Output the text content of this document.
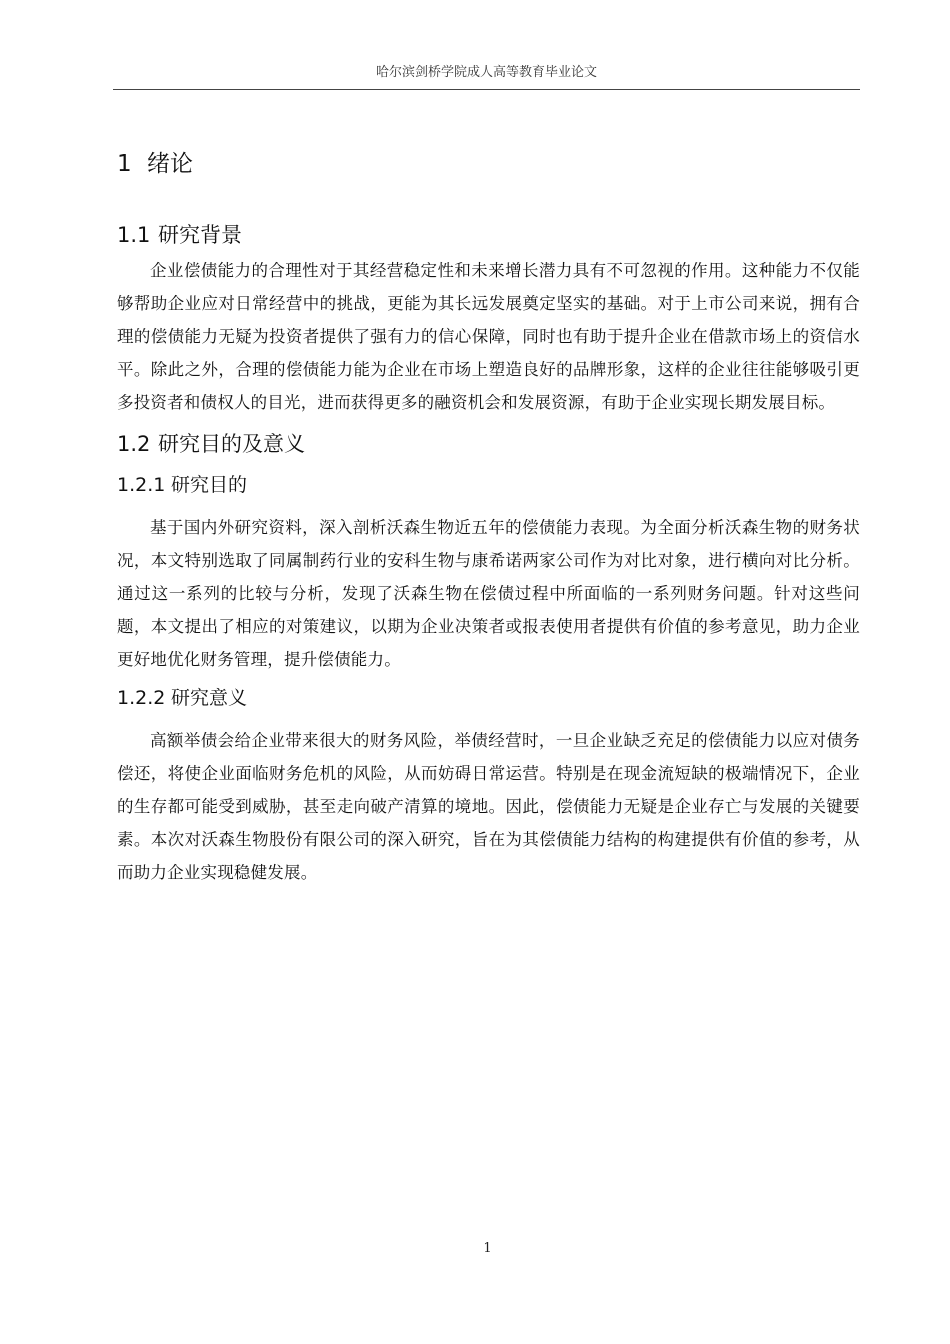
哈尔滨剑桥学院成人高等教育毕业论文
1 绪论
1.1 研究背景

企业偿债能力的合理性对于其经营稳定性和未来增长潜力具有不可忽视的作用。这种能力不仅能够帮助企业应对日常经营中的挑战，更能为其长远发展奠定坚实的基础。对于上市公司来说，拥有合理的偿债能力无疑为投资者提供了强有力的信心保障，同时也有助于提升企业在借款市场上的资信水平。除此之外，合理的偿债能力能为企业在市场上塑造良好的品牌形象，这样的企业往往能够吸引更多投资者和债权人的目光，进而获得更多的融资机会和发展资源，有助于企业实现长期发展目标。

1.2 研究目的及意义
1.2.1 研究目的

基于国内外研究资料，深入剖析沃森生物近五年的偿债能力表现。为全面分析沃森生物的财务状况，本文特别选取了同属制药行业的安科生物与康希诺两家公司作为对比对象，进行横向对比分析。通过这一系列的比较与分析，发现了沃森生物在偿债过程中所面临的一系列财务问题。针对这些问题，本文提出了相应的对策建议，以期为企业决策者或报表使用者提供有价值的参考意见，助力企业更好地优化财务管理，提升偿债能力。

1.2.2 研究意义

高额举债会给企业带来很大的财务风险，举债经营时，一旦企业缺乏充足的偿债能力以应对债务偿还，将使企业面临财务危机的风险，从而妨碍日常运营。特别是在现金流短缺的极端情况下，企业的生存都可能受到威胁，甚至走向破产清算的境地。因此，偿债能力无疑是企业存亡与发展的关键要素。本次对沃森生物股份有限公司的深入研究，旨在为其偿债能力结构的构建提供有价值的参考，从而助力企业实现稳健发展。

1
